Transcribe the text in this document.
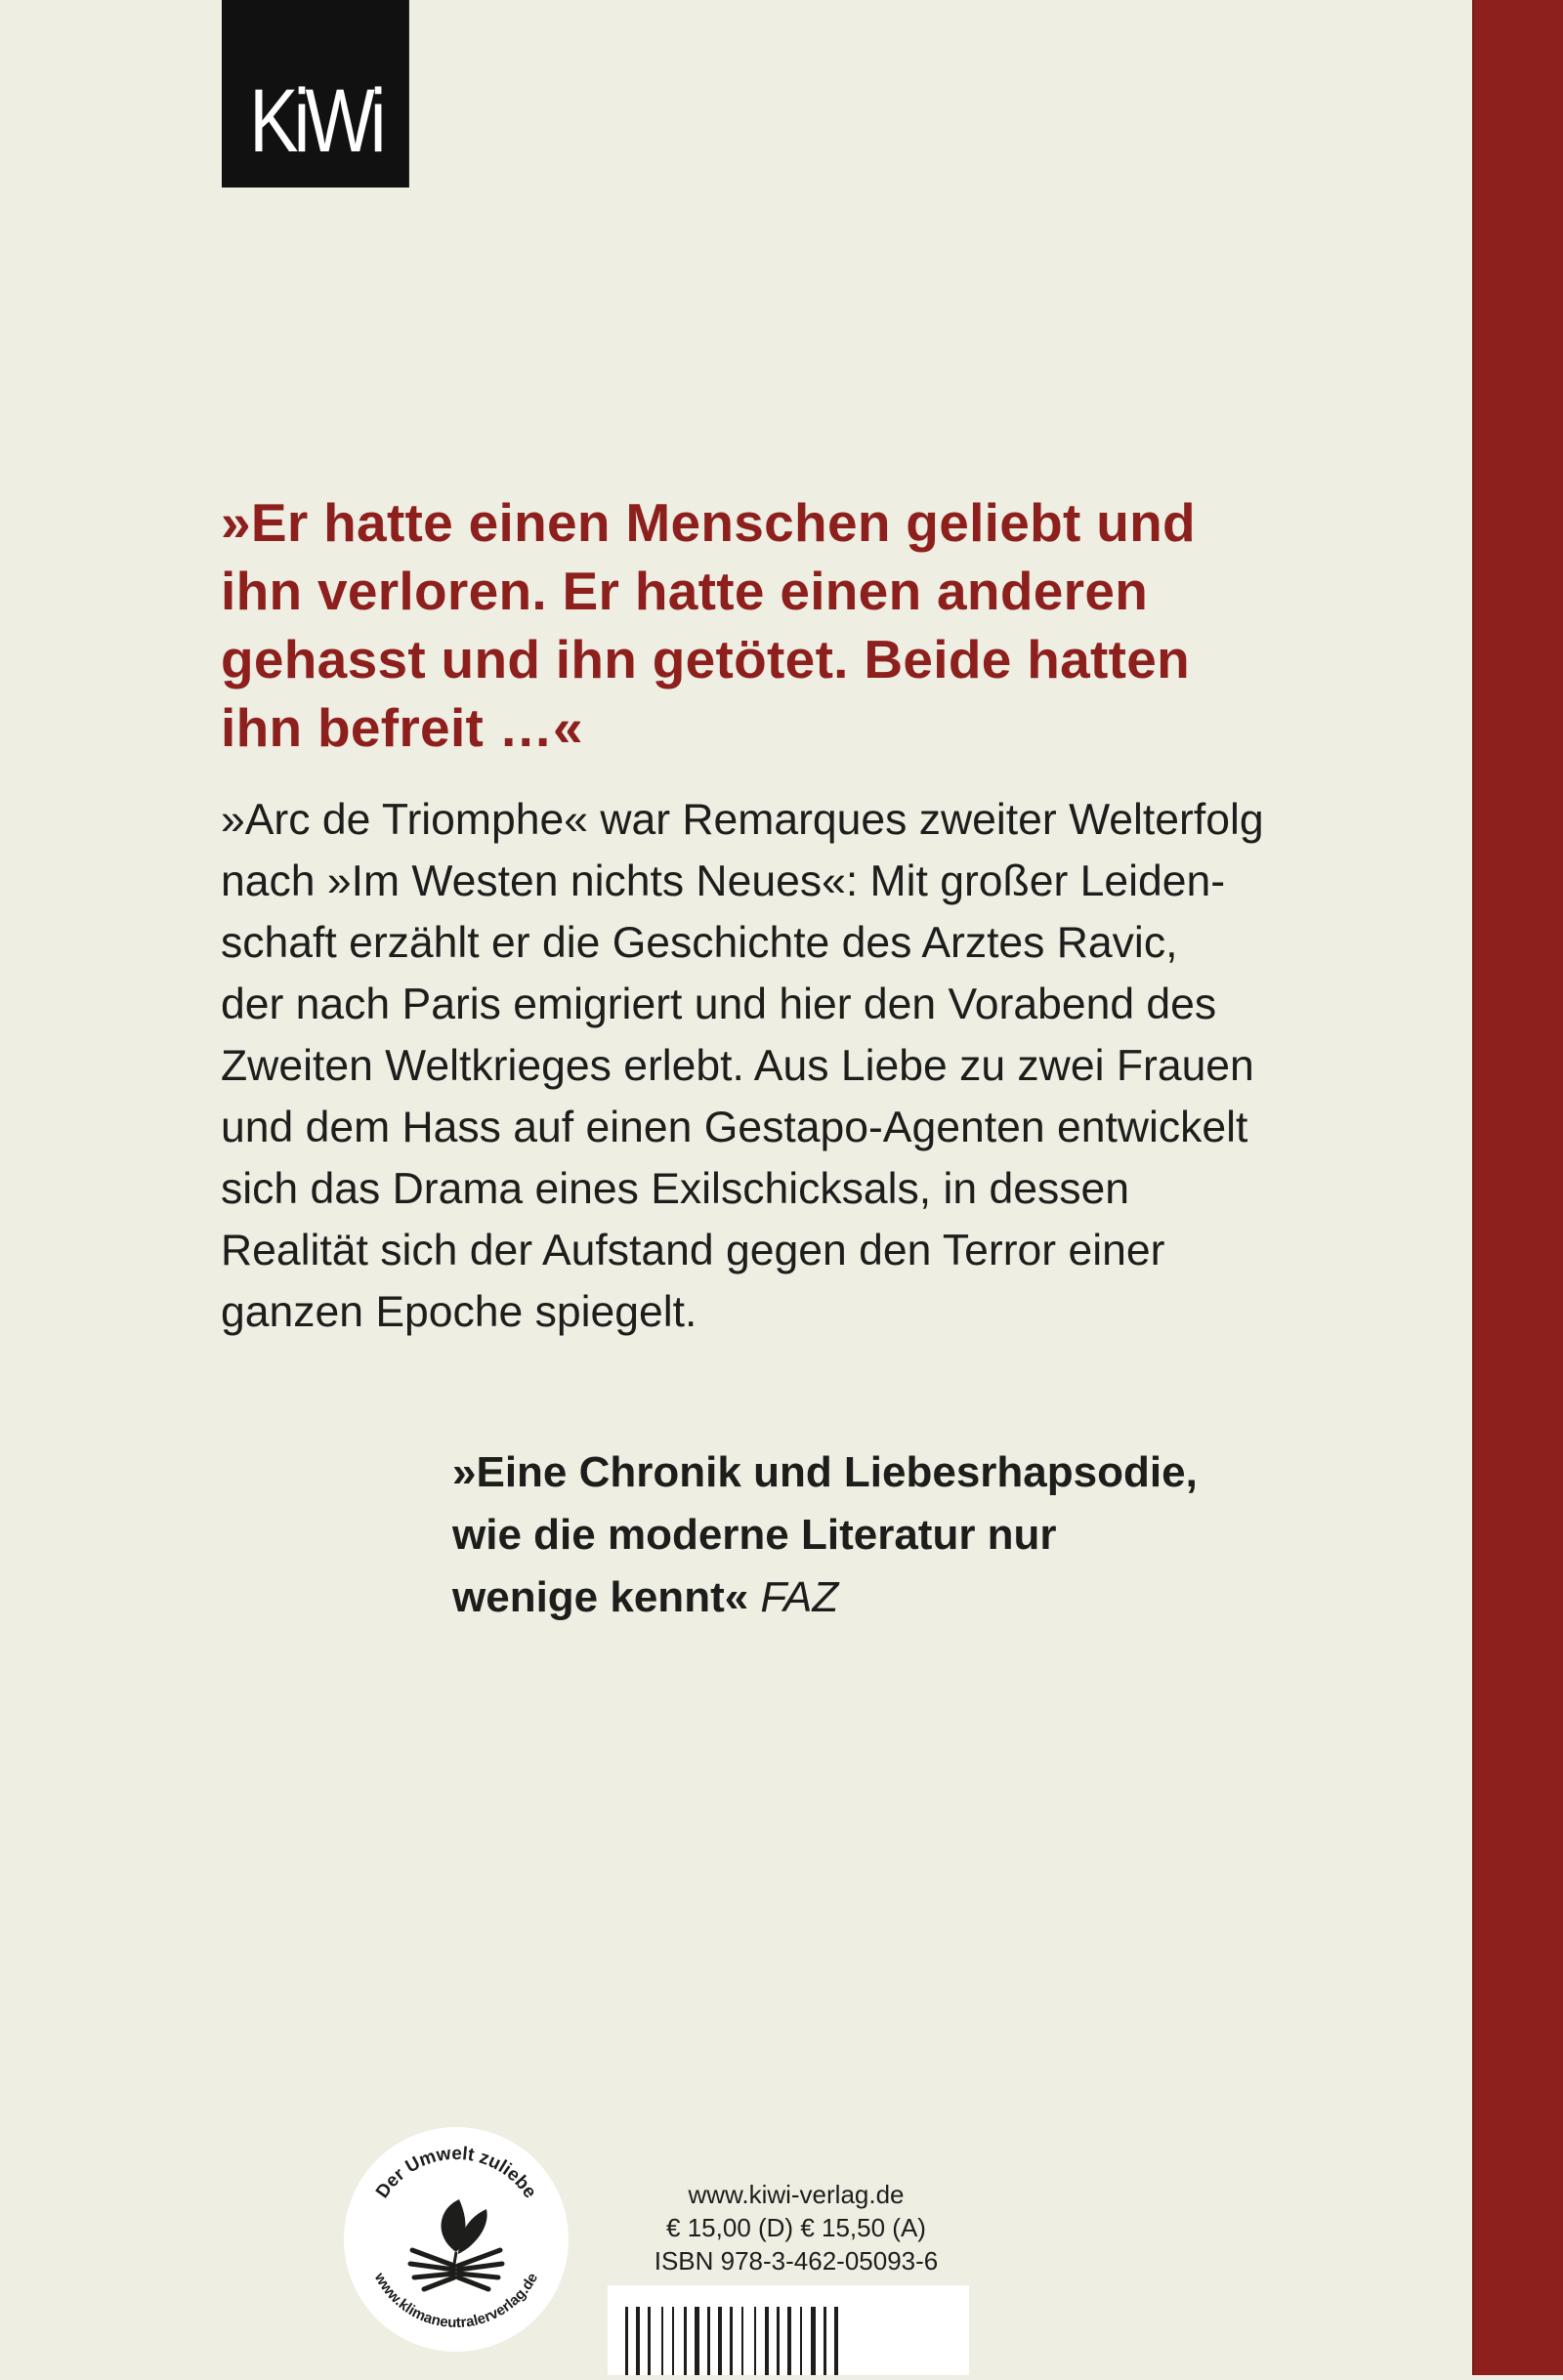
KiWi

»Er hatte einen Menschen geliebt und
ihn verloren. Er hatte einen anderen
gehasst und ihn getötet. Beide hatten
ihn befreit …«

»Arc de Triomphe« war Remarques zweiter Welterfolg
nach »Im Westen nichts Neues«: Mit großer Leiden-
schaft erzählt er die Geschichte des Arztes Ravic,
der nach Paris emigriert und hier den Vorabend des
Zweiten Weltkrieges erlebt. Aus Liebe zu zwei Frauen
und dem Hass auf einen Gestapo-Agenten entwickelt
sich das Drama eines Exilschicksals, in dessen
Realität sich der Aufstand gegen den Terror einer
ganzen Epoche spiegelt.

»Eine Chronik und Liebesrhapsodie,
wie die moderne Literatur nur
wenige kennt« FAZ

Der Umwelt zuliebe
www.klimaneutralerverlag.de
www.kiwi-verlag.de
€ 15,00 (D) € 15,50 (A)
ISBN 978-3-462-05093-6
